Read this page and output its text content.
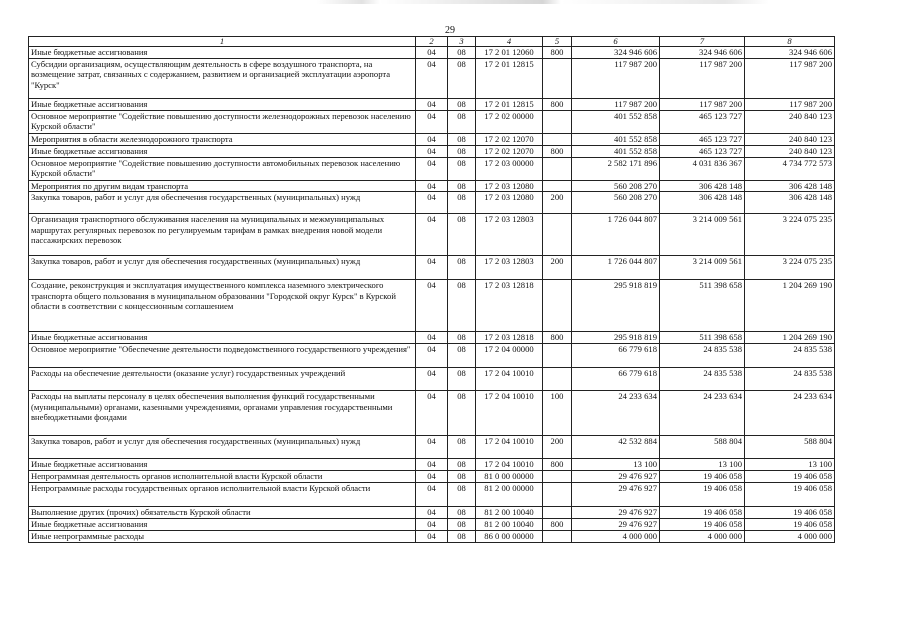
29
1	2	3	4	5	6	7	8
Иные бюджетные ассигнования	04	08	17 2 01 12060	800	324 946 606	324 946 606	324 946 606
Субсидии организациям, осуществляющим деятельность в сфере воздушного транспорта, на возмещение затрат, связанных с содержанием, развитием и организацией эксплуатации аэропорта "Курск"	04	08	17 2 01 12815		117 987 200	117 987 200	117 987 200
Иные бюджетные ассигнования	04	08	17 2 01 12815	800	117 987 200	117 987 200	117 987 200
Основное мероприятие "Содействие повышению доступности железнодорожных перевозок населению Курской области"	04	08	17 2 02 00000		401 552 858	465 123 727	240 840 123
Мероприятия в области железнодорожного транспорта	04	08	17 2 02 12070		401 552 858	465 123 727	240 840 123
Иные бюджетные ассигнования	04	08	17 2 02 12070	800	401 552 858	465 123 727	240 840 123
Основное мероприятие "Содействие повышению доступности автомобильных перевозок населению Курской области"	04	08	17 2 03 00000		2 582 171 896	4 031 836 367	4 734 772 573
Мероприятия по другим видам транспорта	04	08	17 2 03 12080		560 208 270	306 428 148	306 428 148
Закупка товаров, работ и услуг для обеспечения государственных (муниципальных) нужд	04	08	17 2 03 12080	200	560 208 270	306 428 148	306 428 148
Организация транспортного обслуживания населения на муниципальных и межмуниципальных маршрутах регулярных перевозок по регулируемым тарифам в рамках внедрения новой модели пассажирских перевозок	04	08	17 2 03 12803		1 726 044 807	3 214 009 561	3 224 075 235
Закупка товаров, работ и услуг для обеспечения государственных (муниципальных) нужд	04	08	17 2 03 12803	200	1 726 044 807	3 214 009 561	3 224 075 235
Создание, реконструкция и эксплуатация имущественного комплекса наземного электрического транспорта общего пользования в муниципальном образовании "Городской округ Курск" в Курской области в соответствии с концессионным соглашением	04	08	17 2 03 12818		295 918 819	511 398 658	1 204 269 190
Иные бюджетные ассигнования	04	08	17 2 03 12818	800	295 918 819	511 398 658	1 204 269 190
Основное мероприятие "Обеспечение деятельности подведомственного государственного учреждения"	04	08	17 2 04 00000		66 779 618	24 835 538	24 835 538
Расходы на обеспечение деятельности (оказание услуг) государственных учреждений	04	08	17 2 04 10010		66 779 618	24 835 538	24 835 538
Расходы на выплаты персоналу в целях обеспечения выполнения функций государственными (муниципальными) органами, казенными учреждениями, органами управления государственными внебюджетными фондами	04	08	17 2 04 10010	100	24 233 634	24 233 634	24 233 634
Закупка товаров, работ и услуг для обеспечения государственных (муниципальных) нужд	04	08	17 2 04 10010	200	42 532 884	588 804	588 804
Иные бюджетные ассигнования	04	08	17 2 04 10010	800	13 100	13 100	13 100
Непрограммная деятельность органов исполнительной власти Курской области	04	08	81 0 00 00000		29 476 927	19 406 058	19 406 058
Непрограммные расходы государственных органов исполнительной власти Курской области	04	08	81 2 00 00000		29 476 927	19 406 058	19 406 058
Выполнение других (прочих) обязательств Курской области	04	08	81 2 00 10040		29 476 927	19 406 058	19 406 058
Иные бюджетные ассигнования	04	08	81 2 00 10040	800	29 476 927	19 406 058	19 406 058
Иные непрограммные расходы	04	08	86 0 00 00000		4 000 000	4 000 000	4 000 000
